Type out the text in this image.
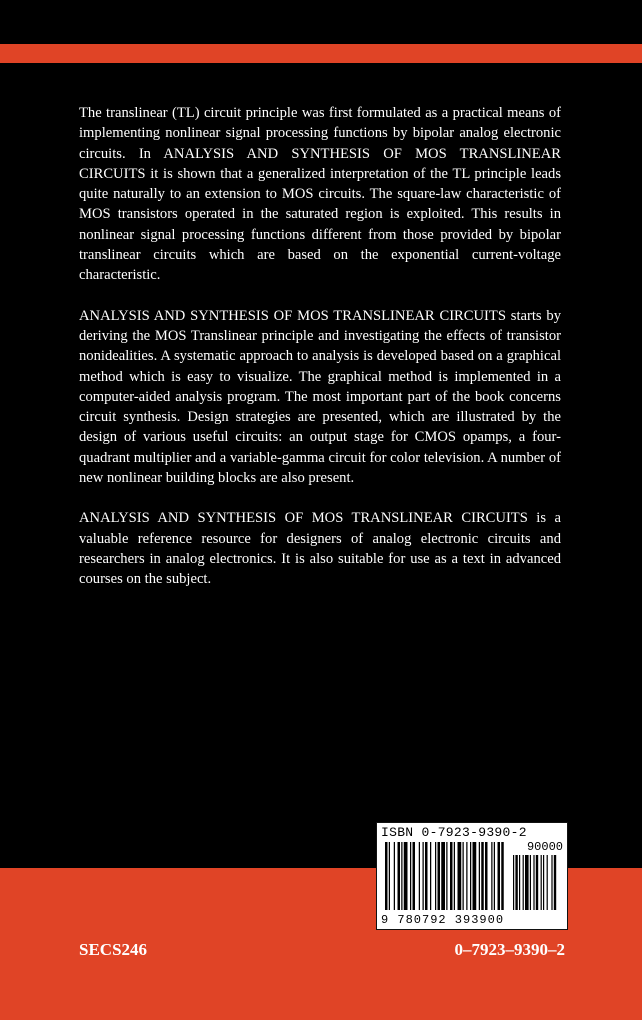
The translinear (TL) circuit principle was first formulated as a practical means of implementing nonlinear signal processing functions by bipolar analog electronic circuits. In ANALYSIS AND SYNTHESIS OF MOS TRANSLINEAR CIRCUITS it is shown that a generalized interpretation of the TL principle leads quite naturally to an extension to MOS circuits. The square-law characteristic of MOS transistors operated in the saturated region is exploited. This results in nonlinear signal processing functions different from those provided by bipolar translinear circuits which are based on the exponential current-voltage characteristic.

ANALYSIS AND SYNTHESIS OF MOS TRANSLINEAR CIRCUITS starts by deriving the MOS Translinear principle and investigating the effects of transistor nonidealities. A systematic approach to analysis is developed based on a graphical method which is easy to visualize. The graphical method is implemented in a computer-aided analysis program. The most important part of the book concerns circuit synthesis. Design strategies are presented, which are illustrated by the design of various useful circuits: an output stage for CMOS opamps, a four-quadrant multiplier and a variable-gamma circuit for color television. A number of new nonlinear building blocks are also present.

ANALYSIS AND SYNTHESIS OF MOS TRANSLINEAR CIRCUITS is a valuable reference resource for designers of analog electronic circuits and researchers in analog electronics. It is also suitable for use as a text in advanced courses on the subject.

ISBN 0-7923-9390-2
90000
9 780792 393900
SECS246	0–7923–9390–2
